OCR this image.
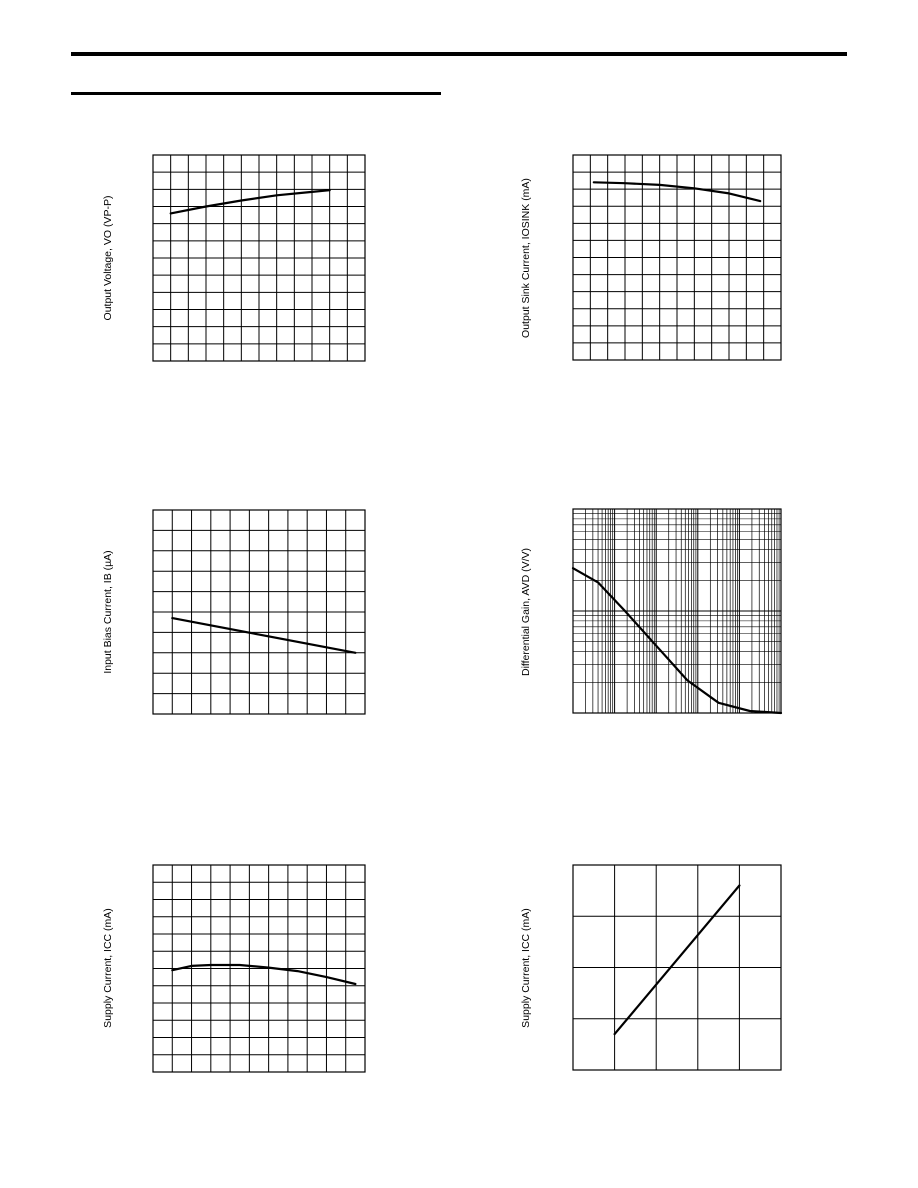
Output Voltage, VO (VP-P)	Output Sink Current, IOSINK (mA)
Input Bias Current, IB (µA)	Differential Gain, AVD (V/V)
Supply Current, ICC (mA)	Supply Current, ICC (mA)
